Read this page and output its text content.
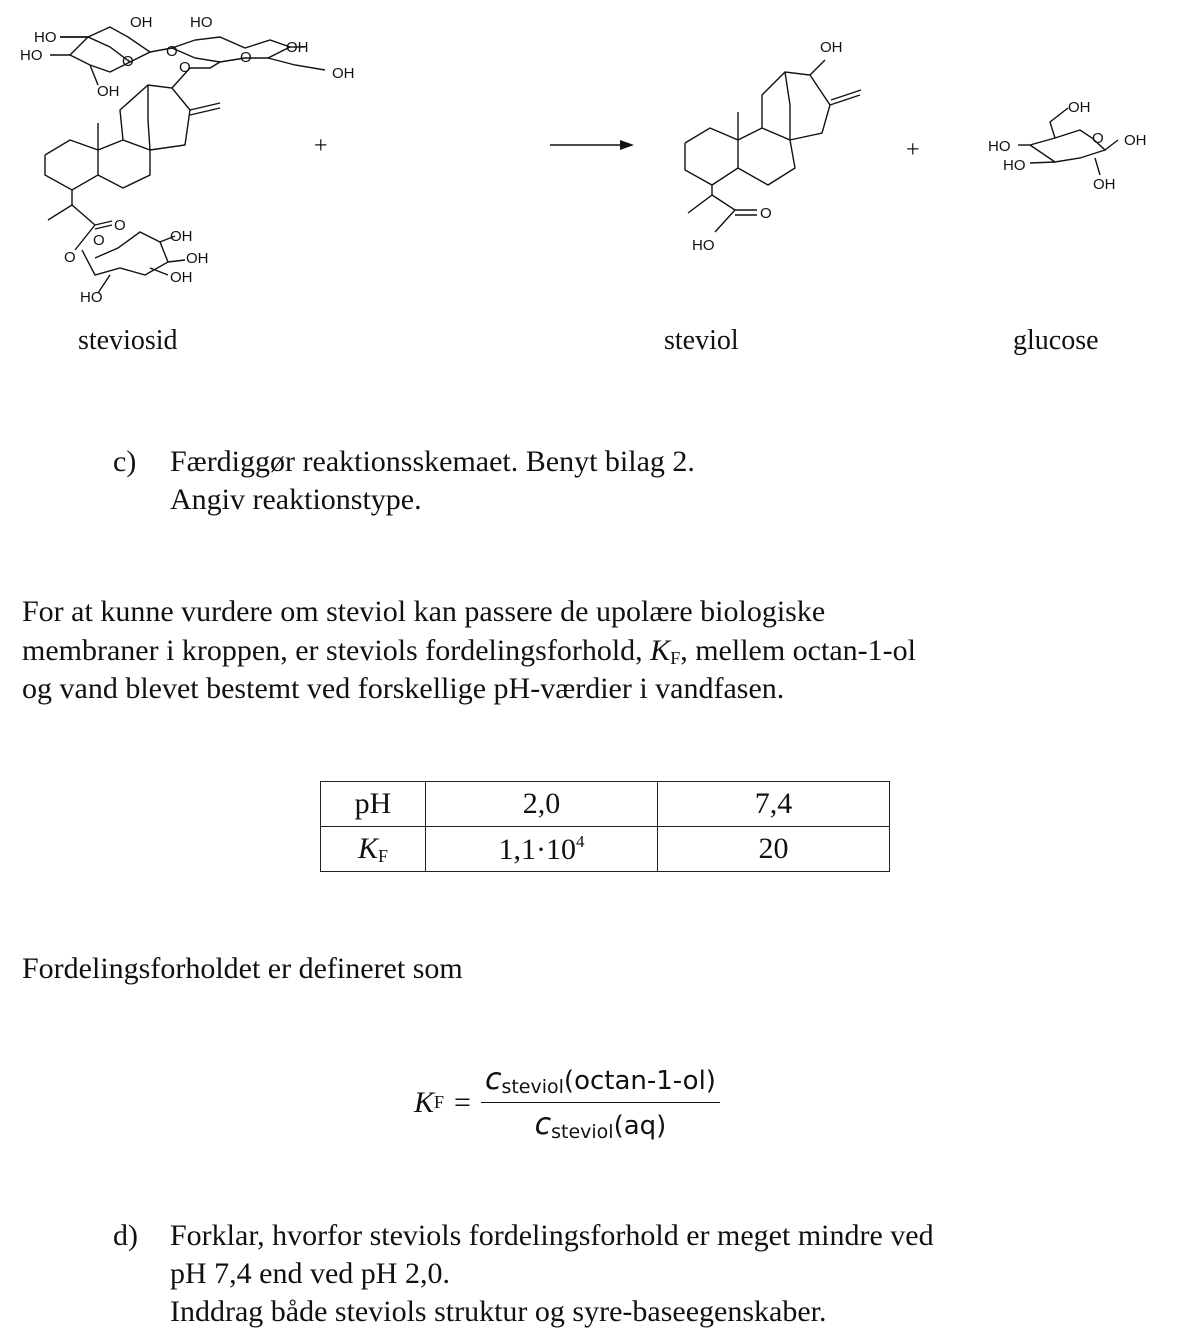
HO
HO
OH	HO
O
O	O
OH
OH
O
OH
O
O
O	OH
OH
OH
HO
+
OH
O
HO
+
OH
O OH
HO
HO
OH
steviosid	steviol	glucose
c) Færdiggør reaktionsskemaet. Benyt bilag 2.
Angiv reaktionstype.
For at kunne vurdere om steviol kan passere de upolære biologiske
membraner i kroppen, er steviols fordelingsforhold, $K_F$, mellem octan-1-ol
og vand blevet bestemt ved forskellige pH-værdier i vandfasen.
pH	2,0	7,4
$K_F$	$1,1\cdot 10^4$	20
Fordelingsforholdet er defineret som
K $F = \frac{c_{steviol}(octan-1-ol)}{c_{steviol}(aq)}$
d) Forklar, hvorfor steviols fordelingsforhold er meget mindre ved
pH 7,4 end ved pH 2,0.
Inddrag både steviols struktur og syre-baseegenskaber.
